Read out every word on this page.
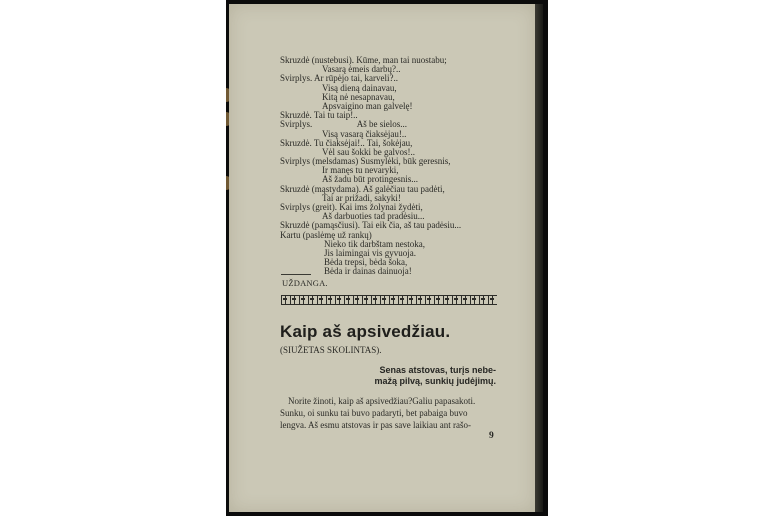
Skruzdė (nustebusi). Kūme, man tai nuostabu;
Vasarą ėmeis darbų?..
Svirplys. Ar rūpėjo tai, karveli?..
Visą dieną dainavau,
Kitą nė nesapnavau,
Apsvaigino man galvelę!
Skruzdė. Tai tu taip!..
Svirplys.                    Aš be sielos...
Visą vasarą čiaksėjau!..
Skruzdė. Tu čiaksėjai!.. Tai, šokėjau,
Vėl sau šokki be galvos!..
Svirplys (melsdamas) Susmylėki, būk geresnis,
Ir manęs tu nevaryki,
Aš žadu būt protingesnis...
Skruzdė (mąstydama). Aš galėčiau tau padėti,
Tai ar prižadi, sakyki!
Svirplys (greit). Kai ims žolynai žydėti,
Aš darbuoties tad pradėsiu...
Skruzdė (pamąsčiusi). Tai eik čia, aš tau padėsiu...
Kartu (paslėmę už rankų)
Nieko tik darbštam nestoka,
Jis laimingai vis gyvuoja.
Bėda trepsi, bėda šoka,
Bėda ir dainas dainuoja!
UŽDANGA.
Kaip aš apsivedžiau.
(SIUŽETAS SKOLINTAS).
Senas atstovas, turįs nebe-
mažą pilvą, sunkių judėjimų.
Norite žinoti, kaip aš apsivedžiau?Galiu papasakoti.
Sunku, oi sunku tai buvo padaryti, bet pabaiga buvo
lengva. Aš esmu atstovas ir pas save laikiau ant rašo-
9
